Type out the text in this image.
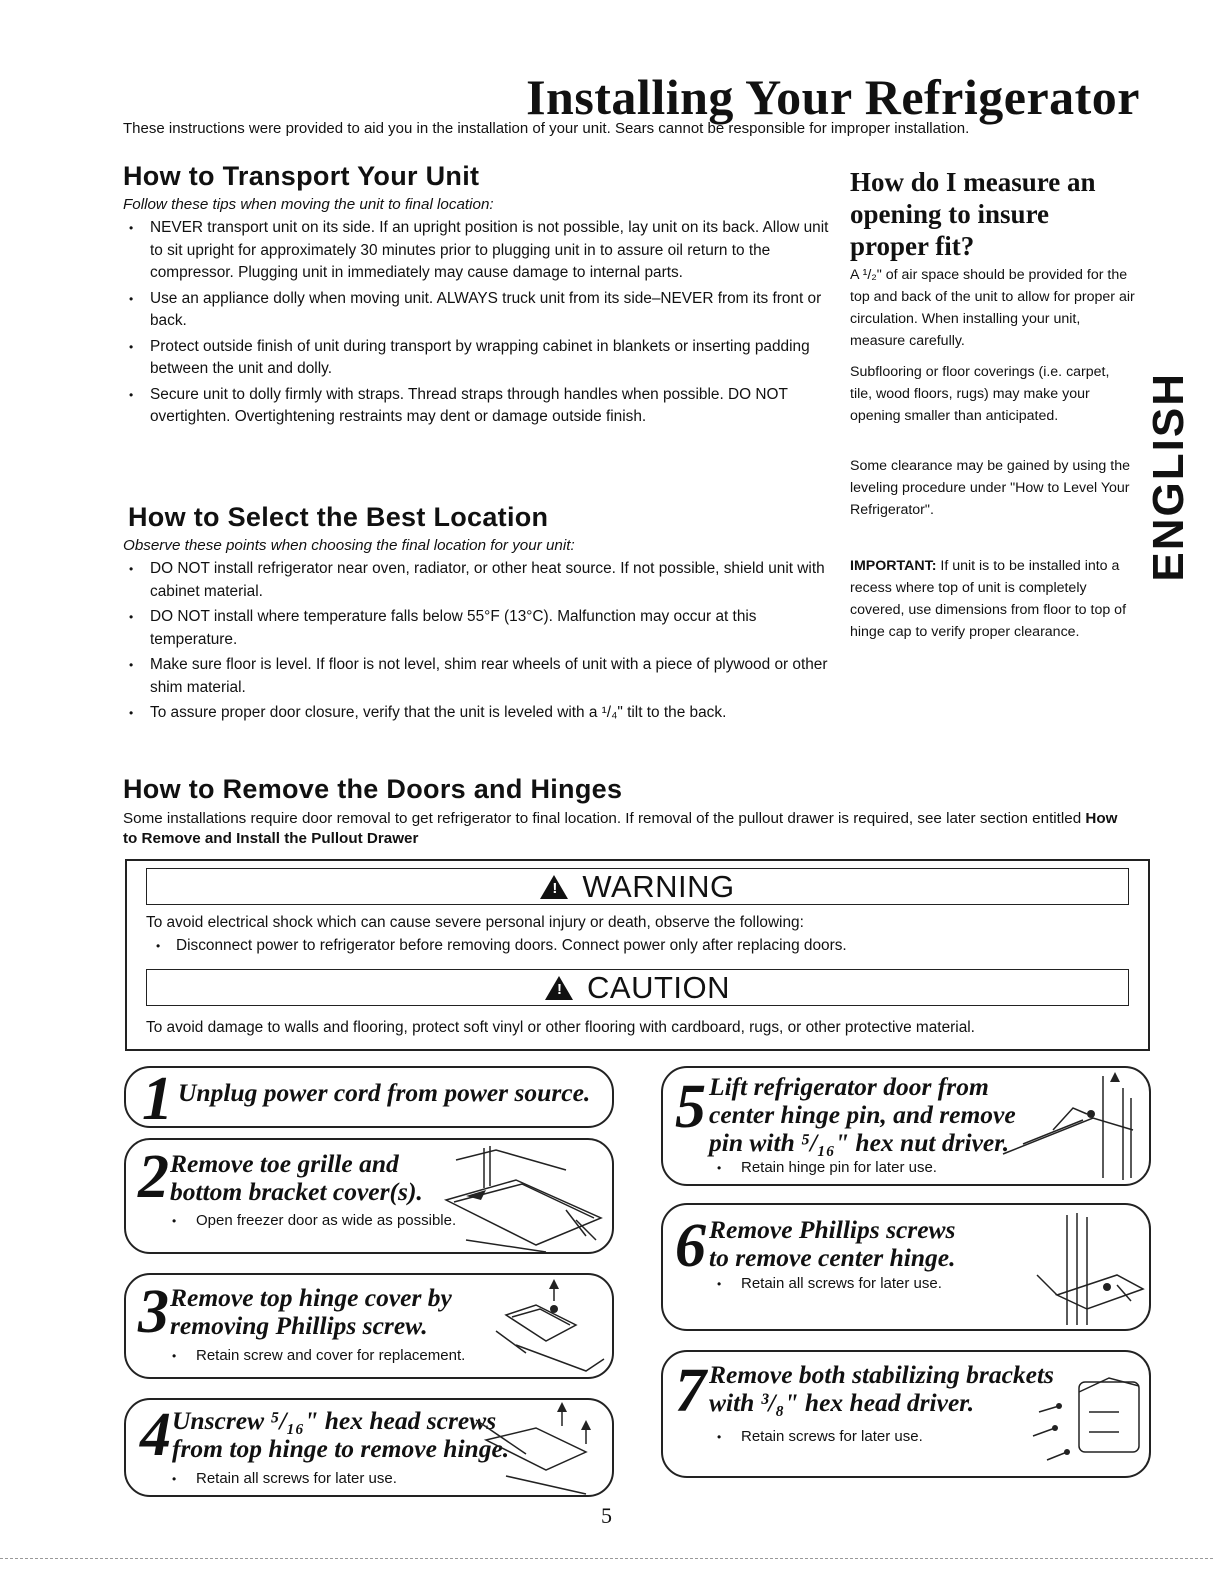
Installing Your Refrigerator
These instructions were provided to aid you in the installation of your unit. Sears cannot be responsible for improper installation.
How to Transport Your Unit
Follow these tips when moving the unit to final location:
• NEVER transport unit on its side. If an upright position is not possible, lay unit on its back. Allow unit to sit upright for approximately 30 minutes prior to plugging unit in to assure oil return to the compressor. Plugging unit in immediately may cause damage to internal parts.
• Use an appliance dolly when moving unit. ALWAYS truck unit from its side–NEVER from its front or back.
• Protect outside finish of unit during transport by wrapping cabinet in blankets or inserting padding between the unit and dolly.
• Secure unit to dolly firmly with straps. Thread straps through handles when possible. DO NOT overtighten. Overtightening restraints may dent or damage outside finish.
How to Select the Best Location
Observe these points when choosing the final location for your unit:
• DO NOT install refrigerator near oven, radiator, or other heat source. If not possible, shield unit with cabinet material.
• DO NOT install where temperature falls below 55°F (13°C). Malfunction may occur at this temperature.
• Make sure floor is level. If floor is not level, shim rear wheels of unit with a piece of plywood or other shim material.
• To assure proper door closure, verify that the unit is leveled with a ¹/₄" tilt to the back.
How do I measure an opening to insure proper fit?
A ¹/₂" of air space should be provided for the top and back of the unit to allow for proper air circulation. When installing your unit, measure carefully.
Subflooring or floor coverings (i.e. carpet, tile, wood floors, rugs) may make your opening smaller than anticipated.
Some clearance may be gained by using the leveling procedure under "How to Level Your Refrigerator".
IMPORTANT: If unit is to be installed into a recess where top of unit is completely covered, use dimensions from floor to top of hinge cap to verify proper clearance.
ENGLISH
How to Remove the Doors and Hinges
Some installations require door removal to get refrigerator to final location. If removal of the pullout drawer is required, see later section entitled How to Remove and Install the Pullout Drawer
! WARNING
To avoid electrical shock which can cause severe personal injury or death, observe the following:
• Disconnect power to refrigerator before removing doors. Connect power only after replacing doors.
! CAUTION
To avoid damage to walls and flooring, protect soft vinyl or other flooring with cardboard, rugs, or other protective material.
1 Unplug power cord from power source.
2 Remove toe grille and
bottom bracket cover(s).
• Open freezer door as wide as possible.
3 Remove top hinge cover by
removing Phillips screw.
• Retain screw and cover for replacement.
4 Unscrew ⁵/₁₆" hex head screws
from top hinge to remove hinge.
• Retain all screws for later use.
5 Lift refrigerator door from
center hinge pin, and remove
pin with ⁵/₁₆" hex nut driver.
• Retain hinge pin for later use.
6 Remove Phillips screws
to remove center hinge.
• Retain all screws for later use.
7 Remove both stabilizing brackets
with ³/₈" hex head driver.
• Retain screws for later use.
5
